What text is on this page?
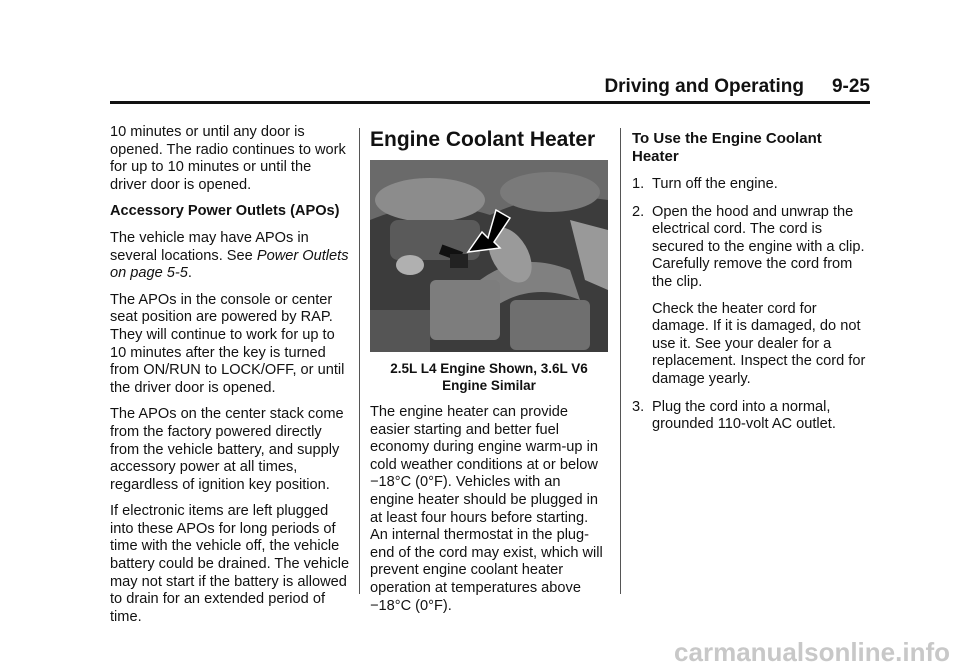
Driving and Operating 9-25

10 minutes or until any door is opened. The radio continues to work for up to 10 minutes or until the driver door is opened.

Accessory Power Outlets (APOs)

The vehicle may have APOs in several locations. See Power Outlets on page 5-5.

The APOs in the console or center seat position are powered by RAP. They will continue to work for up to 10 minutes after the key is turned from ON/RUN to LOCK/OFF, or until the driver door is opened.

The APOs on the center stack come from the factory powered directly from the vehicle battery, and supply accessory power at all times, regardless of ignition key position.

If electronic items are left plugged into these APOs for long periods of time with the vehicle off, the vehicle battery could be drained. The vehicle may not start if the battery is allowed to drain for an extended period of time.

Engine Coolant Heater
2.5L L4 Engine Shown, 3.6L V6 Engine Similar

The engine heater can provide easier starting and better fuel economy during engine warm-up in cold weather conditions at or below −18°C (0°F). Vehicles with an engine heater should be plugged in at least four hours before starting. An internal thermostat in the plug-end of the cord may exist, which will prevent engine coolant heater operation at temperatures above −18°C (0°F).

To Use the Engine Coolant Heater
1. Turn off the engine.

2. Open the hood and unwrap the electrical cord. The cord is secured to the engine with a clip. Carefully remove the cord from the clip.

Check the heater cord for damage. If it is damaged, do not use it. See your dealer for a replacement. Inspect the cord for damage yearly.

3. Plug the cord into a normal, grounded 110-volt AC outlet.

carmanualsonline.info
